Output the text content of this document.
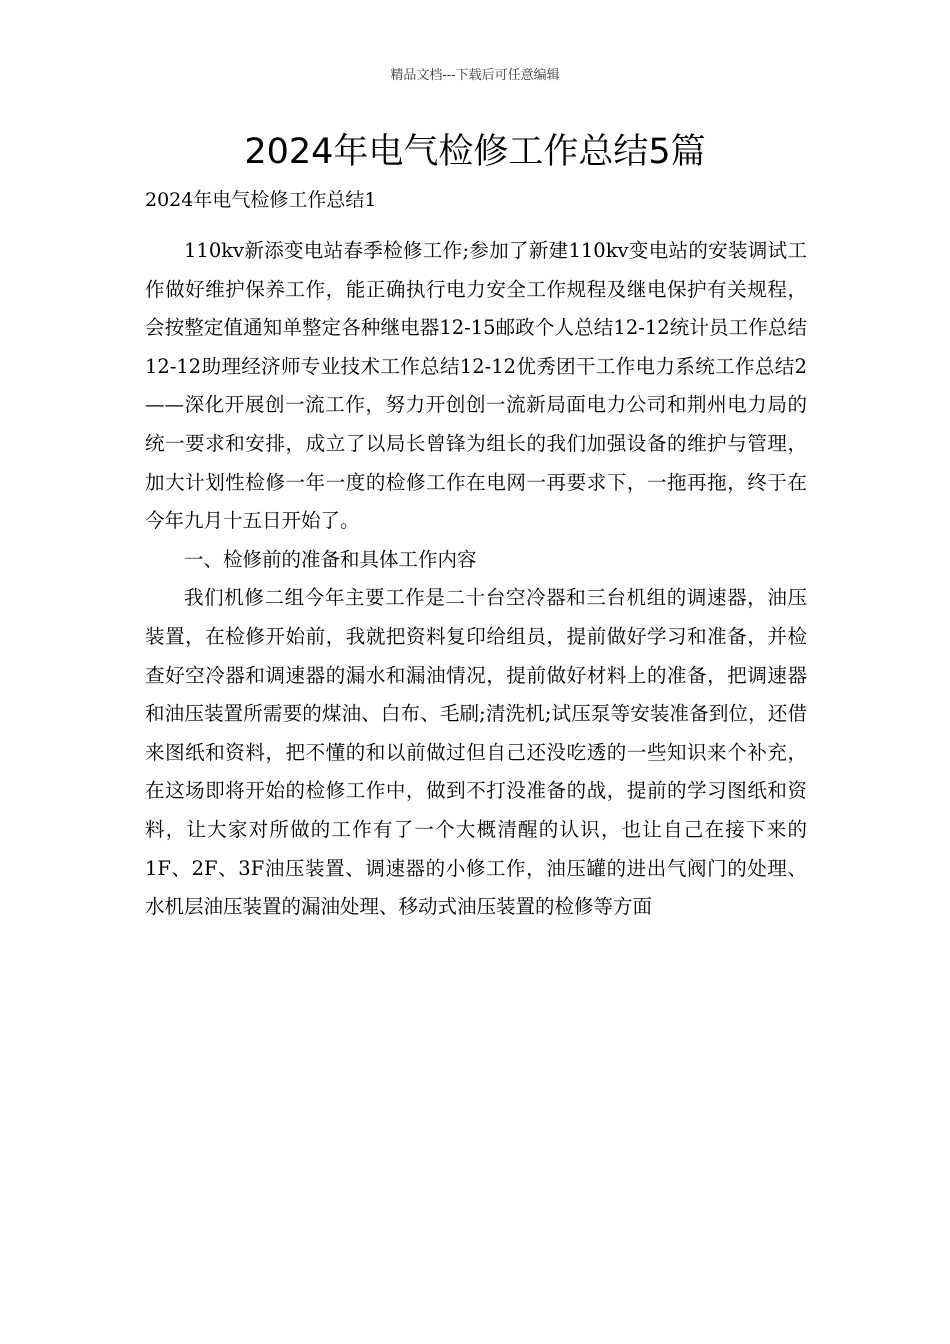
精品文档---下载后可任意编辑
2024年电气检修工作总结5篇
2024年电气检修工作总结1

110kv新添变电站春季检修工作;参加了新建110kv变电站的安装调试工作做好维护保养工作，能正确执行电力安全工作规程及继电保护有关规程，会按整定值通知单整定各种继电器12-15邮政个人总结12-12统计员工作总结12-12助理经济师专业技术工作总结12-12优秀团干工作电力系统工作总结2——深化开展创一流工作，努力开创创一流新局面电力公司和荆州电力局的统一要求和安排，成立了以局长曾锋为组长的我们加强设备的维护与管理，加大计划性检修一年一度的检修工作在电网一再要求下，一拖再拖，终于在今年九月十五日开始了。

一、检修前的准备和具体工作内容

我们机修二组今年主要工作是二十台空冷器和三台机组的调速器，油压装置，在检修开始前，我就把资料复印给组员，提前做好学习和准备，并检查好空冷器和调速器的漏水和漏油情况，提前做好材料上的准备，把调速器和油压装置所需要的煤油、白布、毛刷;清洗机;试压泵等安装准备到位，还借来图纸和资料，把不懂的和以前做过但自己还没吃透的一些知识来个补充，在这场即将开始的检修工作中，做到不打没准备的战，提前的学习图纸和资料，让大家对所做的工作有了一个大概清醒的认识，也让自己在接下来的1F、2F、3F油压装置、调速器的小修工作，油压罐的进出气阀门的处理、水机层油压装置的漏油处理、移动式油压装置的检修等方面
